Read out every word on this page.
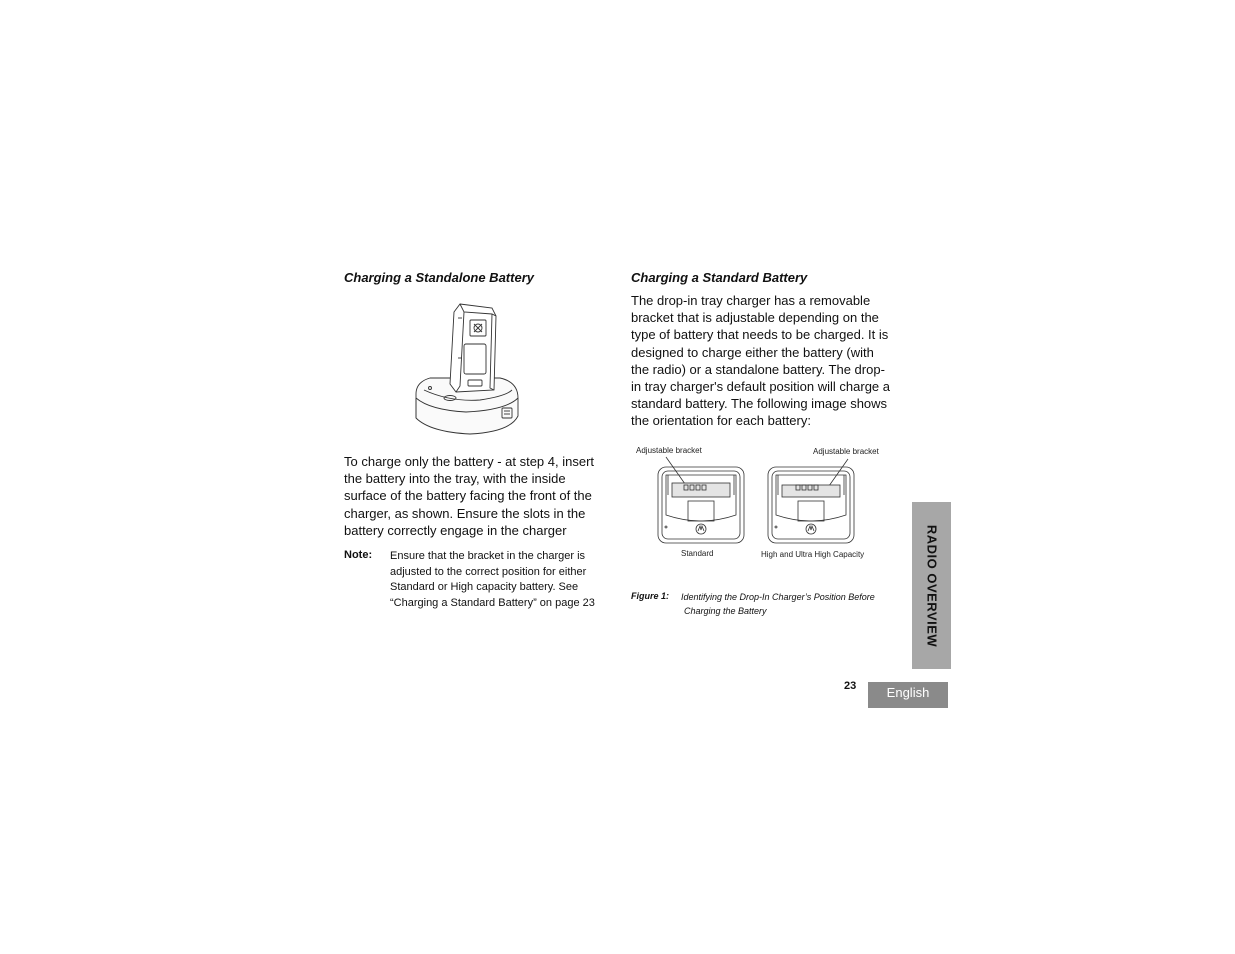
Charging a Standalone Battery

To charge only the battery - at step 4, insert the battery into the tray, with the inside surface of the battery facing the front of the charger, as shown. Ensure the slots in the battery correctly engage in the charger

Note: Ensure that the bracket in the charger is adjusted to the correct position for either Standard or High capacity battery. See “Charging a Standard Battery” on page 23

Charging a Standard Battery

The drop-in tray charger has a removable bracket that is adjustable depending on the type of battery that needs to be charged. It is designed to charge either the battery (with the radio) or a standalone battery. The drop-in tray charger's default position will charge a standard battery. The following image shows the orientation for each battery:

Adjustable bracket	Adjustable bracket
Standard	High and Ultra High Capacity
Figure 1: Identifying the Drop-In Charger’s Position Before
Charging the Battery	RADIO OVERVIEW
23	English
